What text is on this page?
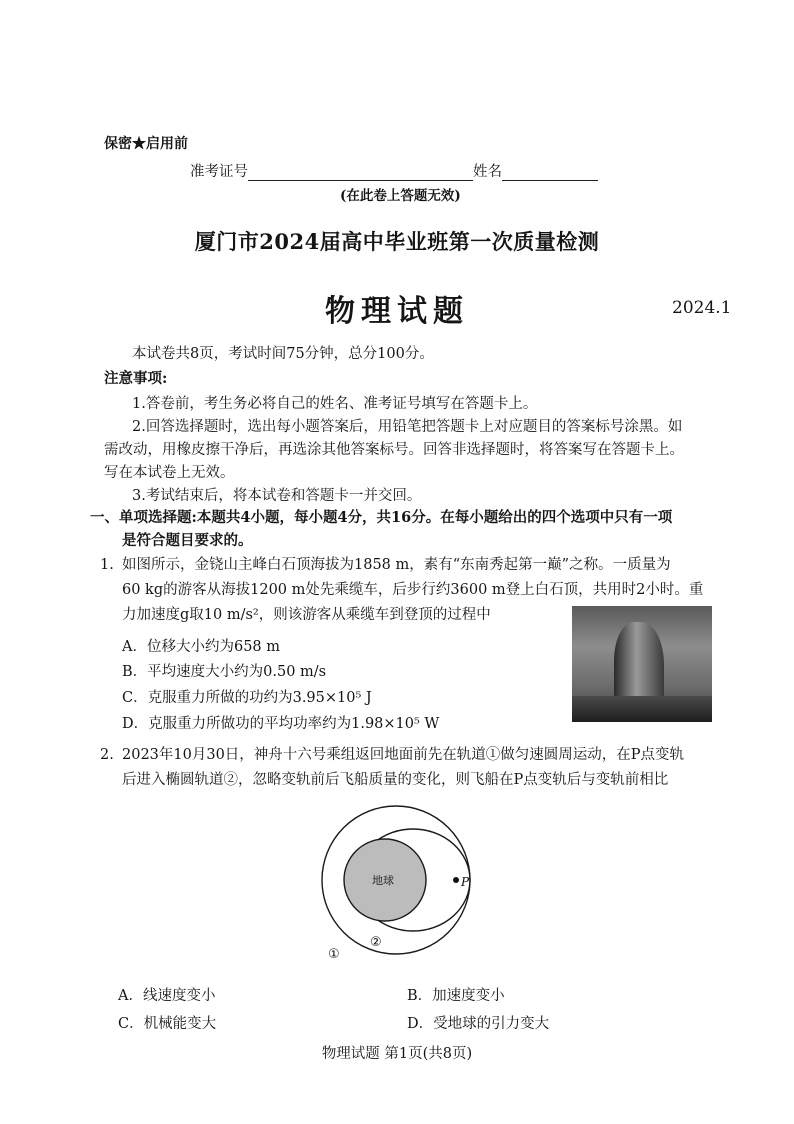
保密★启用前
准考证号	姓名
(在此卷上答题无效)
厦门市2024届高中毕业班第一次质量检测
物理试题	2024.1
本试卷共8页，考试时间75分钟，总分100分。
注意事项:
1.答卷前，考生务必将自己的姓名、准考证号填写在答题卡上。
2.回答选择题时，选出每小题答案后，用铅笔把答题卡上对应题目的答案标号涂黑。如
需改动，用橡皮擦干净后，再选涂其他答案标号。回答非选择题时，将答案写在答题卡上。
写在本试卷上无效。
3.考试结束后，将本试卷和答题卡一并交回。
一、单项选择题:本题共4小题，每小题4分，共16分。在每小题给出的四个选项中只有一项
是符合题目要求的。
1. 如图所示，金铙山主峰白石顶海拔为1858 m，素有“东南秀起第一巅”之称。一质量为
60 kg的游客从海拔1200 m处先乘缆车，后步行约3600 m登上白石顶，共用时2小时。重
力加速度g取10 m/s²，则该游客从乘缆车到登顶的过程中
A．位移大小约为658 m
B．平均速度大小约为0.50 m/s
C．克服重力所做的功约为3.95×10⁵ J
D．克服重力所做功的平均功率约为1.98×10⁵ W
2. 2023年10月30日，神舟十六号乘组返回地面前先在轨道①做匀速圆周运动，在P点变轨
后进入椭圆轨道②，忽略变轨前后飞船质量的变化，则飞船在P点变轨后与变轨前相比
地球	P
①
②
A．线速度变小	B．加速度变小
C．机械能变大	D．受地球的引力变大
物理试题 第1页(共8页)
